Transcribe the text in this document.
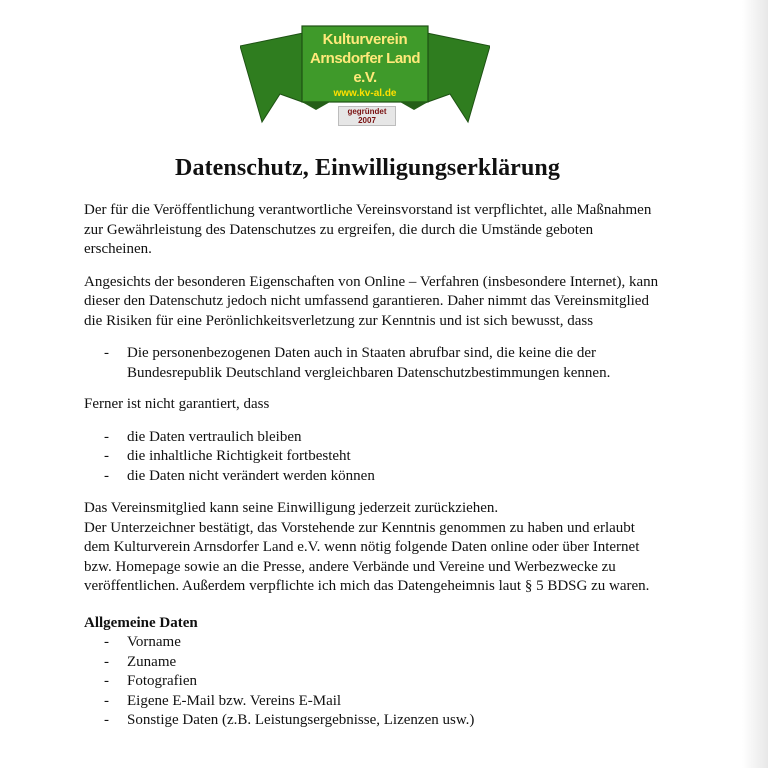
Kulturverein
Arnsdorfer Land e.V.
www.kv-al.de
gegründet
2007
Datenschutz, Einwilligungserklärung

Der für die Veröffentlichung verantwortliche Vereinsvorstand ist verpflichtet, alle Maßnahmen zur Gewährleistung des Datenschutzes zu ergreifen, die durch die Umstände geboten erscheinen.

Angesichts der besonderen Eigenschaften von Online – Verfahren (insbesondere Internet), kann dieser den Datenschutz jedoch nicht umfassend garantieren. Daher nimmt das Vereinsmitglied die Risiken für eine Perönlichkeitsverletzung zur Kenntnis und ist sich bewusst, dass

- Die personenbezogenen Daten auch in Staaten abrufbar sind, die keine die der Bundesrepublik Deutschland vergleichbaren Datenschutzbestimmungen kennen.

Ferner ist nicht garantiert, dass

- die Daten vertraulich bleiben
- die inhaltliche Richtigkeit fortbesteht
- die Daten nicht verändert werden können

Das Vereinsmitglied kann seine Einwilligung jederzeit zurückziehen.

Der Unterzeichner bestätigt, das Vorstehende zur Kenntnis genommen zu haben und erlaubt dem Kulturverein Arnsdorfer Land e.V. wenn nötig folgende Daten online oder über Internet bzw. Homepage sowie an die Presse, andere Verbände und Vereine und Werbezwecke zu veröffentlichen. Außerdem verpflichte ich mich das Datengeheimnis laut § 5 BDSG zu waren.

Allgemeine Daten

- Vorname
- Zuname
- Fotografien
- Eigene E-Mail bzw. Vereins E-Mail
- Sonstige Daten (z.B. Leistungsergebnisse, Lizenzen usw.)
